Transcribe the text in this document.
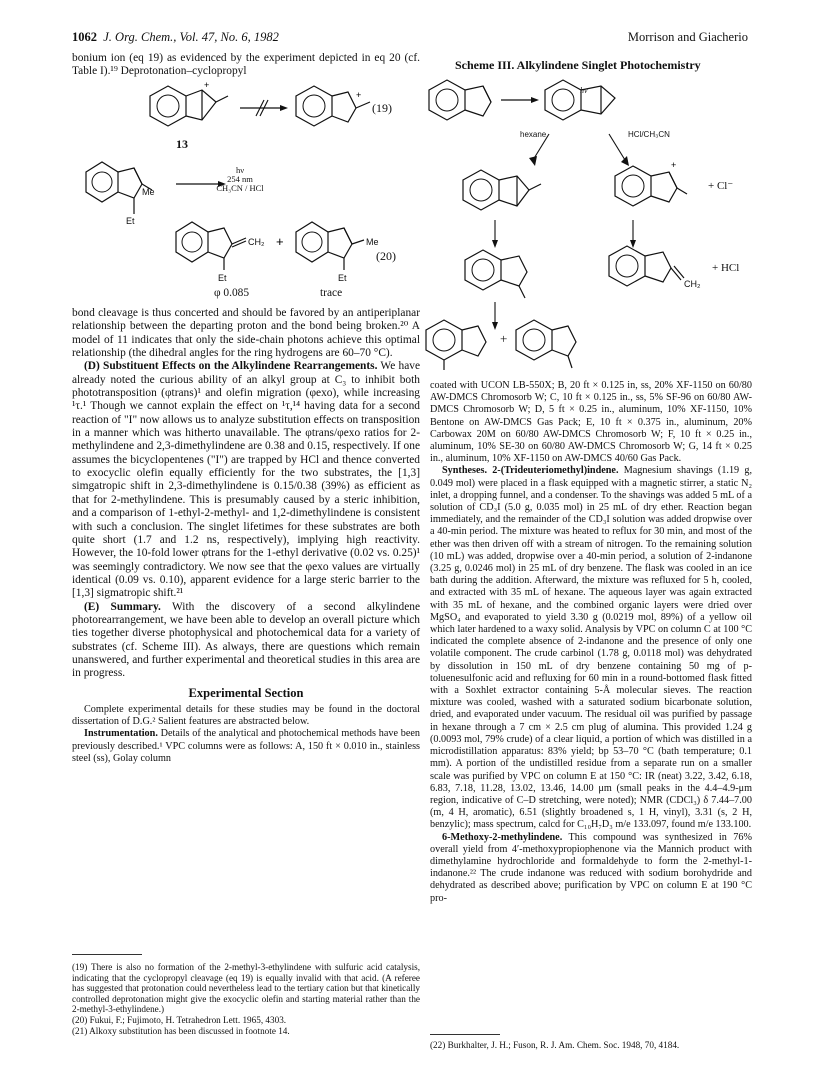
1062 J. Org. Chem., Vol. 47, No. 6, 1982	Morrison and Giacherio

bonium ion (eq 19) as evidenced by the experiment depicted in eq 20 (cf. Table I).¹⁹ Deprotonation–cyclopropyl

+
+
(19)
13
+
hν
254 nm
CH₃CN / HCl
Me
Et
CH₂
Et
Me
Et
(20)
φ 0.085	trace

bond cleavage is thus concerted and should be favored by an antiperiplanar relationship between the departing proton and the bond being broken.²⁰ A model of 11 indicates that only the side-chain photons achieve this optimal relationship (the dihedral angles for the ring hydrogens are 60–70 °C).

(D) Substituent Effects on the Alkylindene Rearrangements. We have already noted the curious ability of an alkyl group at C₃ to inhibit both phototransposition (φtrans)¹ and olefin migration (φexo), while increasing ¹τ.¹ Though we cannot explain the effect on ¹τ,¹⁴ having data for a second reaction of "I" now allows us to analyze substitution effects on transposition in a manner which was hitherto unavailable. The φtrans/φexo ratios for 2-methylindene and 2,3-dimethylindene are 0.38 and 0.15, respectively. If one assumes the bicyclopentenes ("I") are trapped by HCl and thence converted to exocyclic olefin equally efficiently for the two substrates, the [1,3] simgatropic shift in 2,3-dimethylindene is 0.15/0.38 (39%) as efficient as that for 2-methylindene. This is presumably caused by a steric inhibition, and a comparison of 1-ethyl-2-methyl- and 1,2-dimethylindene is consistent with such a conclusion. The singlet lifetimes for these substrates are both quite short (1.7 and 1.2 ns, respectively), implying high reactivity. However, the 10-fold lower φtrans for the 1-ethyl derivative (0.02 vs. 0.25)¹ was seemingly contradictory. We now see that the φexo values are virtually identical (0.09 vs. 0.10), apparent evidence for a large steric barrier to the [1,3] sigmatropic shift.²¹

(E) Summary. With the discovery of a second alkylindene photorearrangement, we have been able to develop an overall picture which ties together diverse photophysical and photochemical data for a variety of substrates (cf. Scheme III). As always, there are questions which remain unanswered, and further experimental and theoretical studies in this area are in progress.

Experimental Section

Complete experimental details for these studies may be found in the doctoral dissertation of D.G.² Salient features are abstracted below.

Instrumentation. Details of the analytical and photochemical methods have been previously described.¹ VPC columns were as follows: A, 150 ft × 0.010 in., stainless steel (ss), Golay column

(19) There is also no formation of the 2-methyl-3-ethylindene with sulfuric acid catalysis, indicating that the cyclopropyl cleavage (eq 19) is equally invalid with that acid. (A referee has suggested that protonation could nevertheless lead to the tertiary cation but that kinetically controlled deprotonation might give the exocyclic olefin and starting material rather than the 2-methyl-3-ethylindene.)

(20) Fukui, F.; Fujimoto, H. Tetrahedron Lett. 1965, 4303.

(21) Alkoxy substitution has been discussed in footnote 14.

Scheme III. Alkylindene Singlet Photochemistry
+
hν
hexane	HCl/CH₃CN
+ Cl⁻
+ HCl
CH₂
+

coated with UCON LB-550X; B, 20 ft × 0.125 in, ss, 20% XF-1150 on 60/80 AW-DMCS Chromosorb W; C, 10 ft × 0.125 in., ss, 5% SF-96 on 60/80 AW-DMCS Chromosorb W; D, 5 ft × 0.25 in., aluminum, 10% XF-1150, 10% Bentone on AW-DMCS Gas Pack; E, 10 ft × 0.375 in., aluminum, 20% Carbowax 20M on 60/80 AW-DMCS Chromosorb W; F, 10 ft × 0.25 in., aluminum, 10% SE-30 on 60/80 AW-DMCS Chromosorb W; G, 14 ft × 0.25 in., aluminum, 10% XF-1150 on AW-DMCS 40/60 Gas Pack.

Syntheses. 2-(Trideuteriomethyl)indene. Magnesium shavings (1.19 g, 0.049 mol) were placed in a flask equipped with a magnetic stirrer, a static N₂ inlet, a dropping funnel, and a condenser. To the shavings was added 5 mL of a solution of CD₃I (5.0 g, 0.035 mol) in 25 mL of dry ether. Reaction began immediately, and the remainder of the CD₃I solution was added dropwise over a 40-min period. The mixture was heated to reflux for 30 min, and most of the ether was then driven off with a stream of nitrogen. To the remaining solution (10 mL) was added, dropwise over a 40-min period, a solution of 2-indanone (3.25 g, 0.0246 mol) in 25 mL of dry benzene. The flask was cooled in an ice bath during the addition. Afterward, the mixture was refluxed for 5 h, cooled, and extracted with 35 mL of hexane. The aqueous layer was again extracted with 35 mL of hexane, and the combined organic layers were dried over MgSO₄ and evaporated to yield 3.30 g (0.0219 mol, 89%) of a yellow oil which later hardened to a waxy solid. Analysis by VPC on column C at 100 °C indicated the complete absence of 2-indanone and the presence of only one volatile component. The crude carbinol (1.78 g, 0.0118 mol) was dehydrated by dissolution in 150 mL of dry benzene containing 50 mg of p-toluenesulfonic acid and refluxing for 60 min in a round-bottomed flask fitted with a Soxhlet extractor containing 5-Å molecular sieves. The reaction mixture was cooled, washed with a saturated sodium bicarbonate solution, dried, and evaporated under vacuum. The residual oil was purified by passage in hexane through a 7 cm × 2.5 cm plug of alumina. This provided 1.24 g (0.0093 mol, 79% crude) of a clear liquid, a portion of which was distilled in a microdistillation apparatus: 83% yield; bp 53–70 °C (bath temperature; 0.1 mm). A portion of the undistilled residue from a separate run on a smaller scale was purified by VPC on column E at 150 °C: IR (neat) 3.22, 3.42, 6.18, 6.83, 7.18, 11.28, 13.02, 13.46, 14.00 μm (small peaks in the 4.4–4.9-μm region, indicative of C–D stretching, were noted); NMR (CDCl₃) δ 7.44–7.00 (m, 4 H, aromatic), 6.51 (slightly broadened s, 1 H, vinyl), 3.31 (s, 2 H, benzylic); mass spectrum, calcd for C₁₀H₇D₃ m/e 133.097, found m/e 133.100.

6-Methoxy-2-methylindene. This compound was synthesized in 76% overall yield from 4′-methoxypropiophenone via the Mannich product with dimethylamine hydrochloride and formaldehyde to form the 2-methyl-1-indanone.²² The crude indanone was reduced with sodium borohydride and dehydrated as described above; purification by VPC on column E at 190 °C pro-

(22) Burkhalter, J. H.; Fuson, R. J. Am. Chem. Soc. 1948, 70, 4184.
